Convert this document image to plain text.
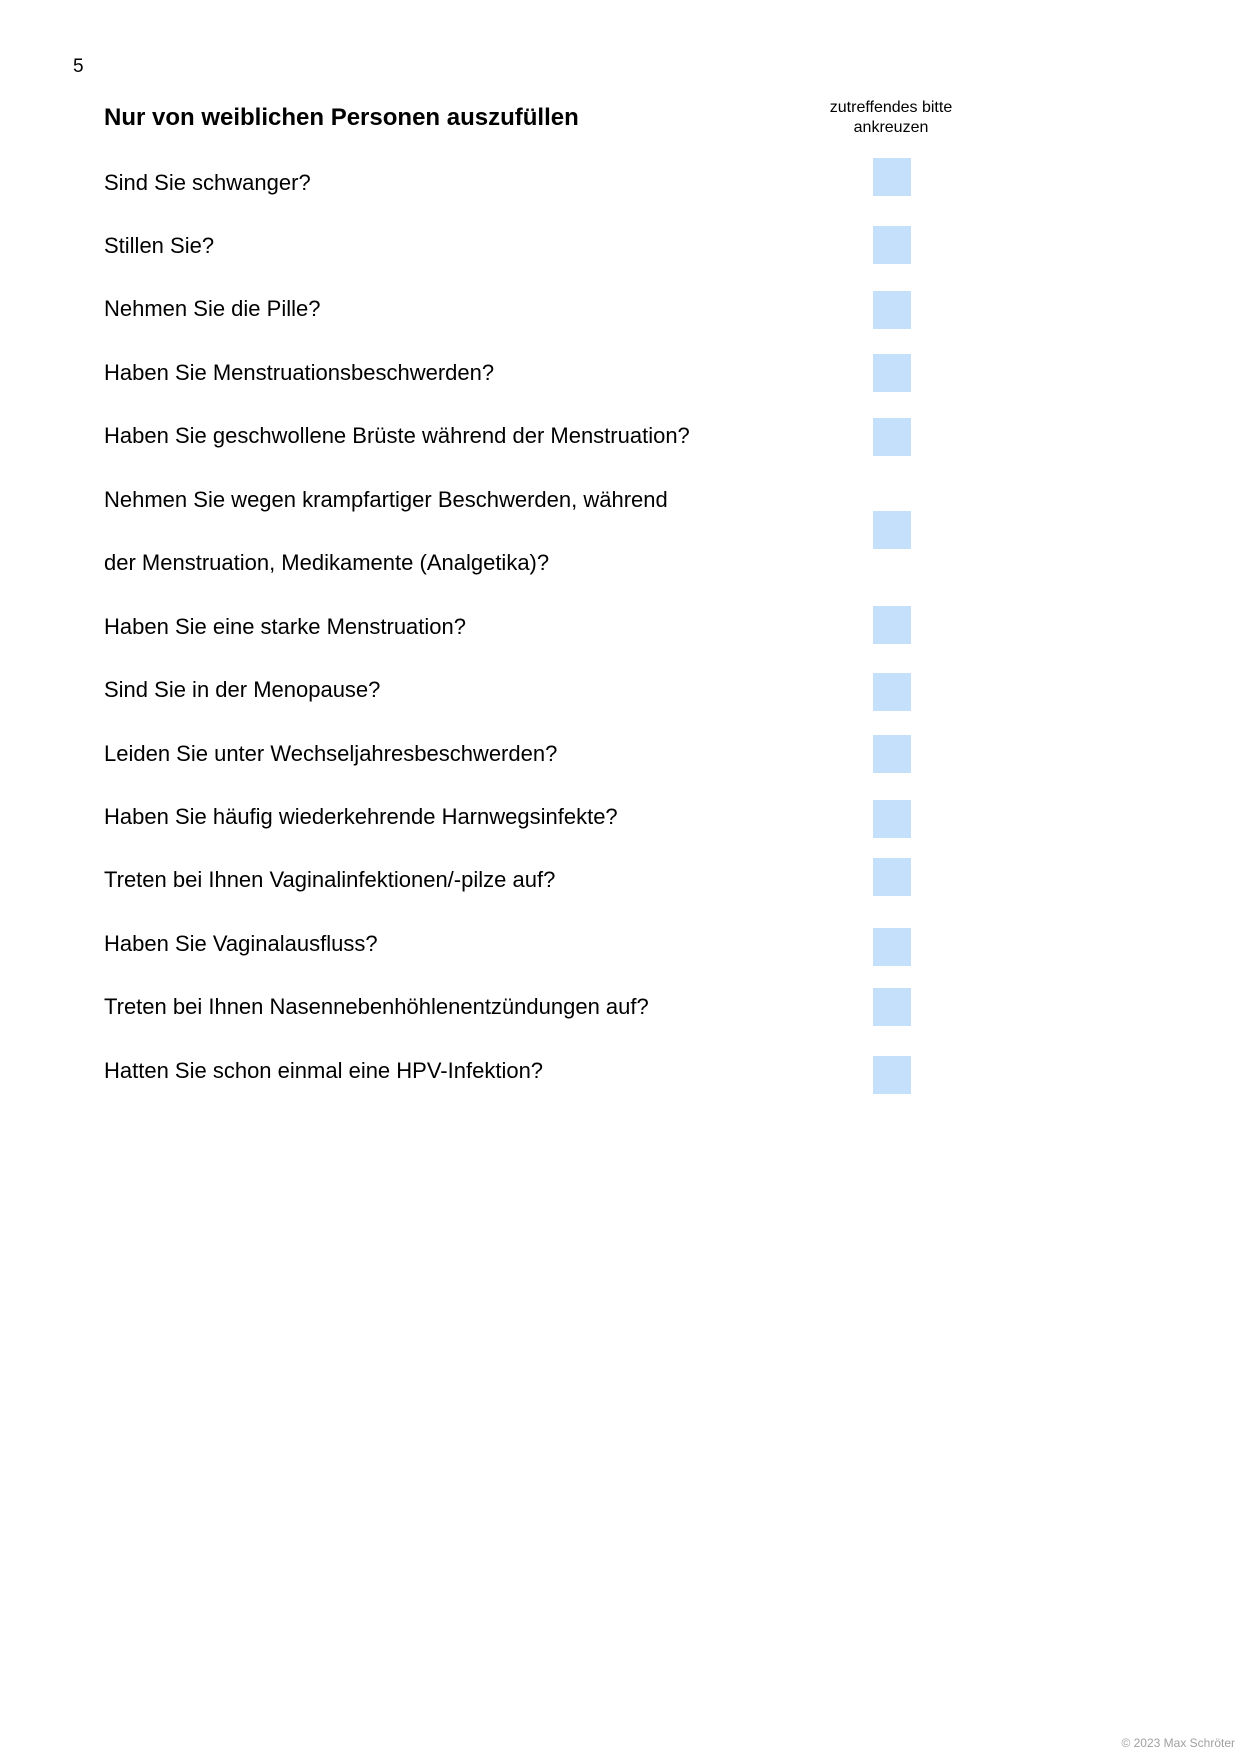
5
Nur von weiblichen Personen auszufüllen	zutreffendes bitte
ankreuzen
Sind Sie schwanger?
Stillen Sie?
Nehmen Sie die Pille?
Haben Sie Menstruationsbeschwerden?
Haben Sie geschwollene Brüste während der Menstruation?
Nehmen Sie wegen krampfartiger Beschwerden, während
der Menstruation, Medikamente (Analgetika)?
Haben Sie eine starke Menstruation?
Sind Sie in der Menopause?
Leiden Sie unter Wechseljahresbeschwerden?
Haben Sie häufig wiederkehrende Harnwegsinfekte?
Treten bei Ihnen Vaginalinfektionen/-pilze auf?
Haben Sie Vaginalausfluss?
Treten bei Ihnen Nasennebenhöhlenentzündungen auf?
Hatten Sie schon einmal eine HPV-Infektion?
© 2023 Max Schröter
